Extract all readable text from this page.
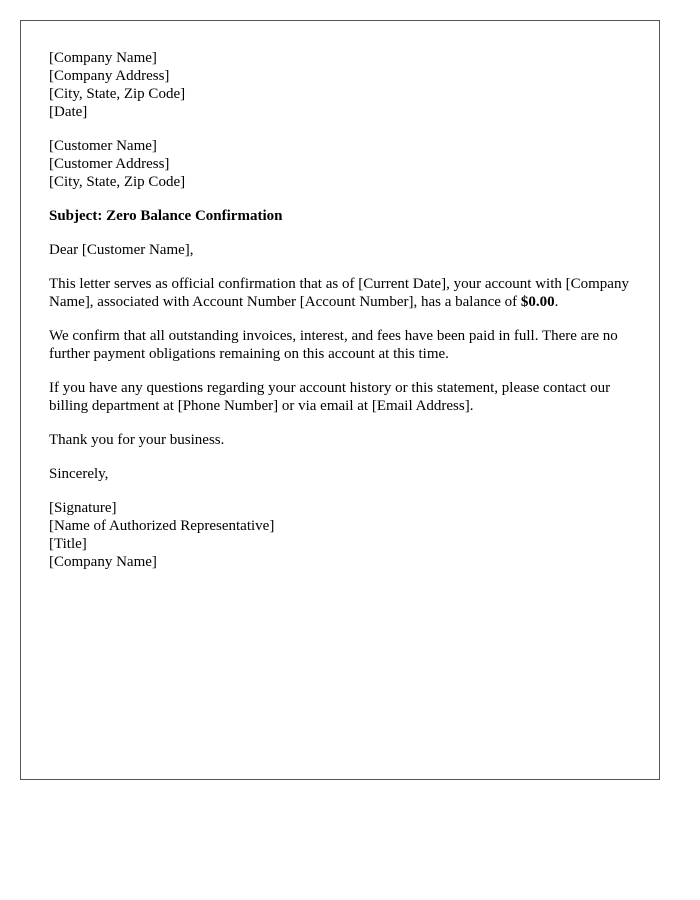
[Company Name]
[Company Address]
[City, State, Zip Code]
[Date]
[Customer Name]
[Customer Address]
[City, State, Zip Code]

Subject: Zero Balance Confirmation

Dear [Customer Name],

This letter serves as official confirmation that as of [Current Date], your account with [Company Name], associated with Account Number [Account Number], has a balance of $0.00.

We confirm that all outstanding invoices, interest, and fees have been paid in full. There are no further payment obligations remaining on this account at this time.

If you have any questions regarding your account history or this statement, please contact our billing department at [Phone Number] or via email at [Email Address].

Thank you for your business.

Sincerely,

[Signature]
[Name of Authorized Representative]
[Title]
[Company Name]
